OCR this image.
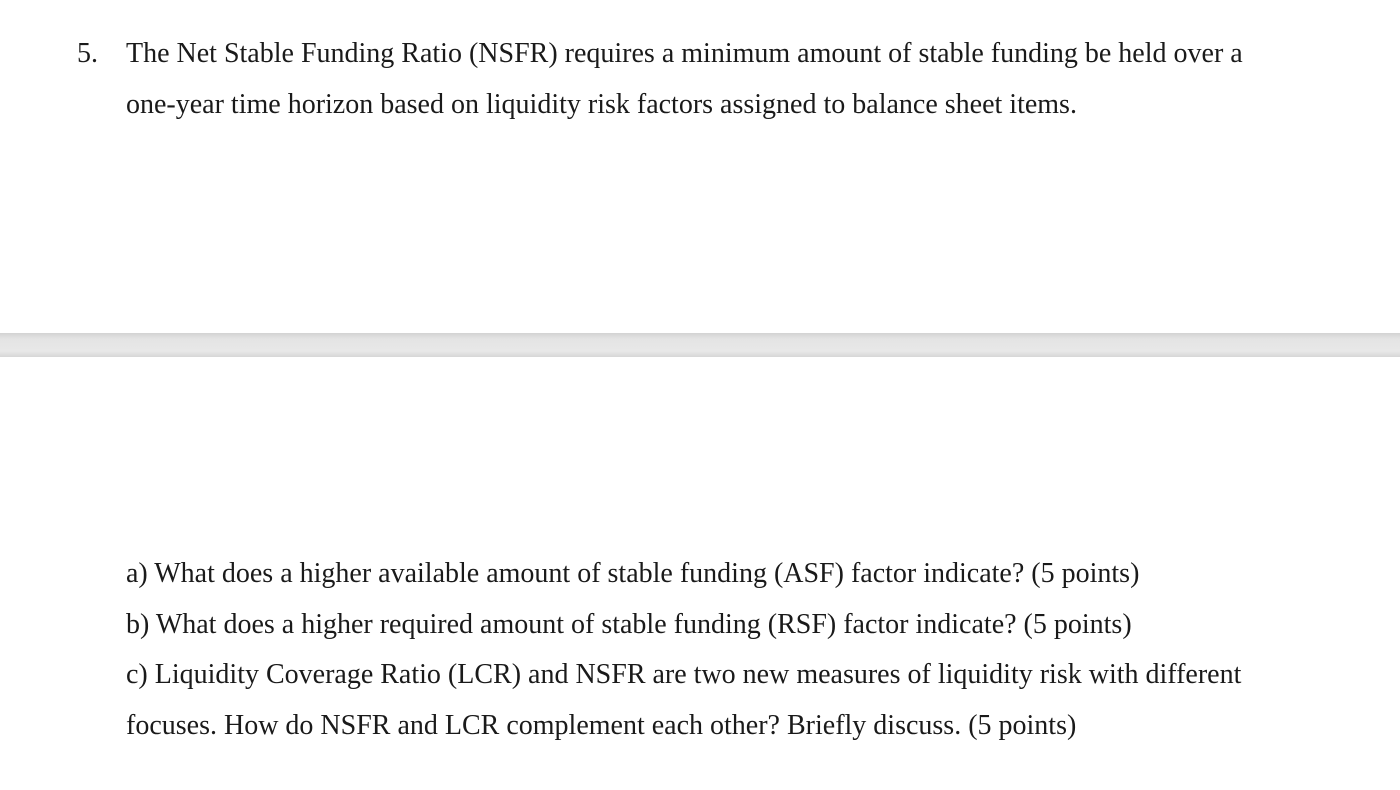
5. The Net Stable Funding Ratio (NSFR) requires a minimum amount of stable funding be held over a
one-year time horizon based on liquidity risk factors assigned to balance sheet items.
a) What does a higher available amount of stable funding (ASF) factor indicate? (5 points)
b) What does a higher required amount of stable funding (RSF) factor indicate? (5 points)
c) Liquidity Coverage Ratio (LCR) and NSFR are two new measures of liquidity risk with different
focuses. How do NSFR and LCR complement each other? Briefly discuss. (5 points)
